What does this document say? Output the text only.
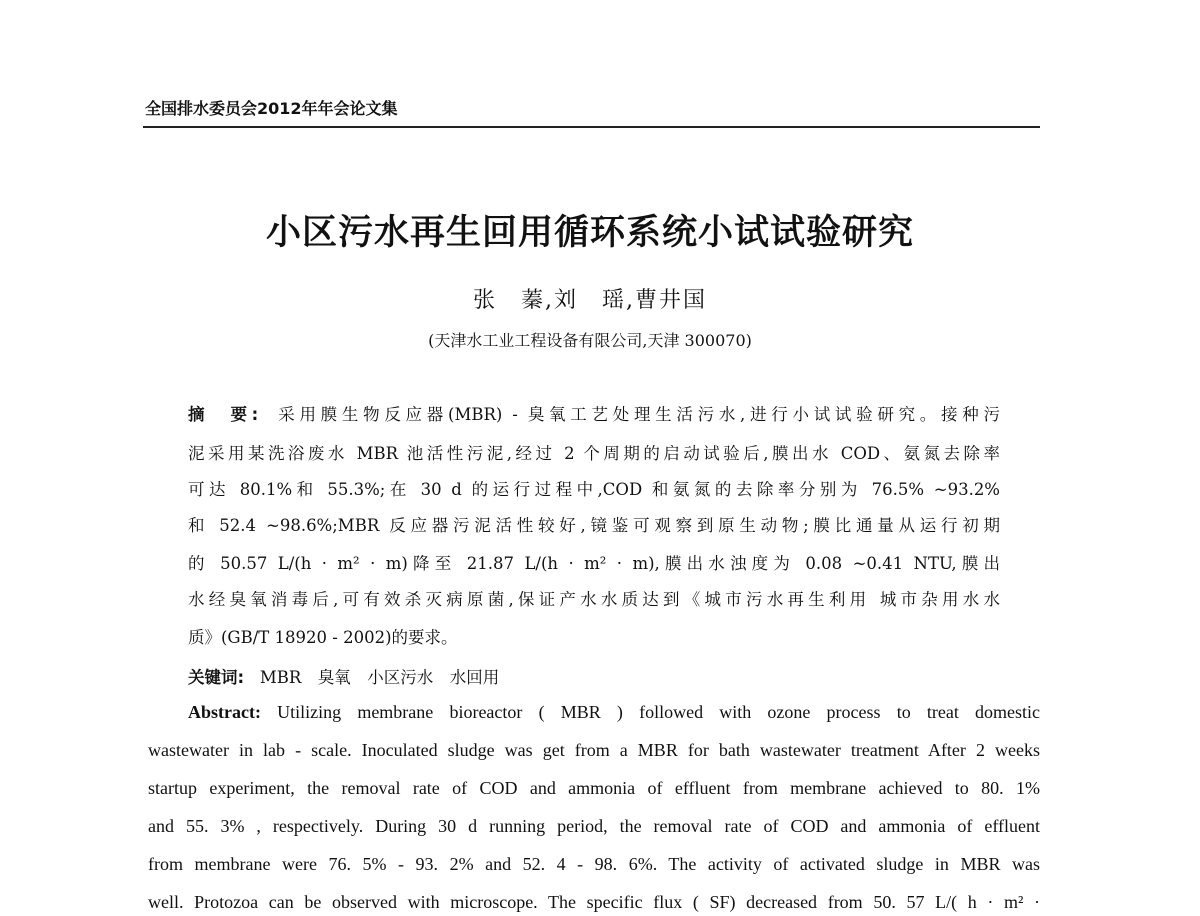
全国排水委员会2012年年会论文集
小区污水再生回用循环系统小试试验研究
张　蓁,刘　瑶,曹井国
(天津水工业工程设备有限公司,天津 300070)
摘　要: 采用膜生物反应器(MBR) - 臭氧工艺处理生活污水,进行小试试验研究。接种污
泥采用某洗浴废水 MBR 池活性污泥,经过 2 个周期的启动试验后,膜出水 COD、氨氮去除率
可达 80.1%和 55.3%;在 30 d 的运行过程中,COD 和氨氮的去除率分别为 76.5% ~93.2%
和 52.4 ~98.6%;MBR 反应器污泥活性较好,镜鉴可观察到原生动物;膜比通量从运行初期
的 50.57 L/(h · m² · m)降至 21.87 L/(h · m² · m),膜出水浊度为 0.08 ~0.41 NTU,膜出
水经臭氧消毒后,可有效杀灭病原菌,保证产水水质达到《城市污水再生利用 城市杂用水水
质》(GB/T 18920 - 2002)的要求。
关键词: MBR　臭氧　小区污水　水回用
Abstract: Utilizing membrane bioreactor ( MBR ) followed with ozone process to treat domestic
wastewater in lab - scale. Inoculated sludge was get from a MBR for bath wastewater treatment After 2 weeks
startup experiment, the removal rate of COD and ammonia of effluent from membrane achieved to 80. 1%
and 55. 3% , respectively. During 30 d running period, the removal rate of COD and ammonia of effluent
from membrane were 76. 5% - 93. 2% and 52. 4 - 98. 6%. The activity of activated sludge in MBR was
well. Protozoa can be observed with microscope. The specific flux ( SF) decreased from 50. 57 L/( h · m² ·
